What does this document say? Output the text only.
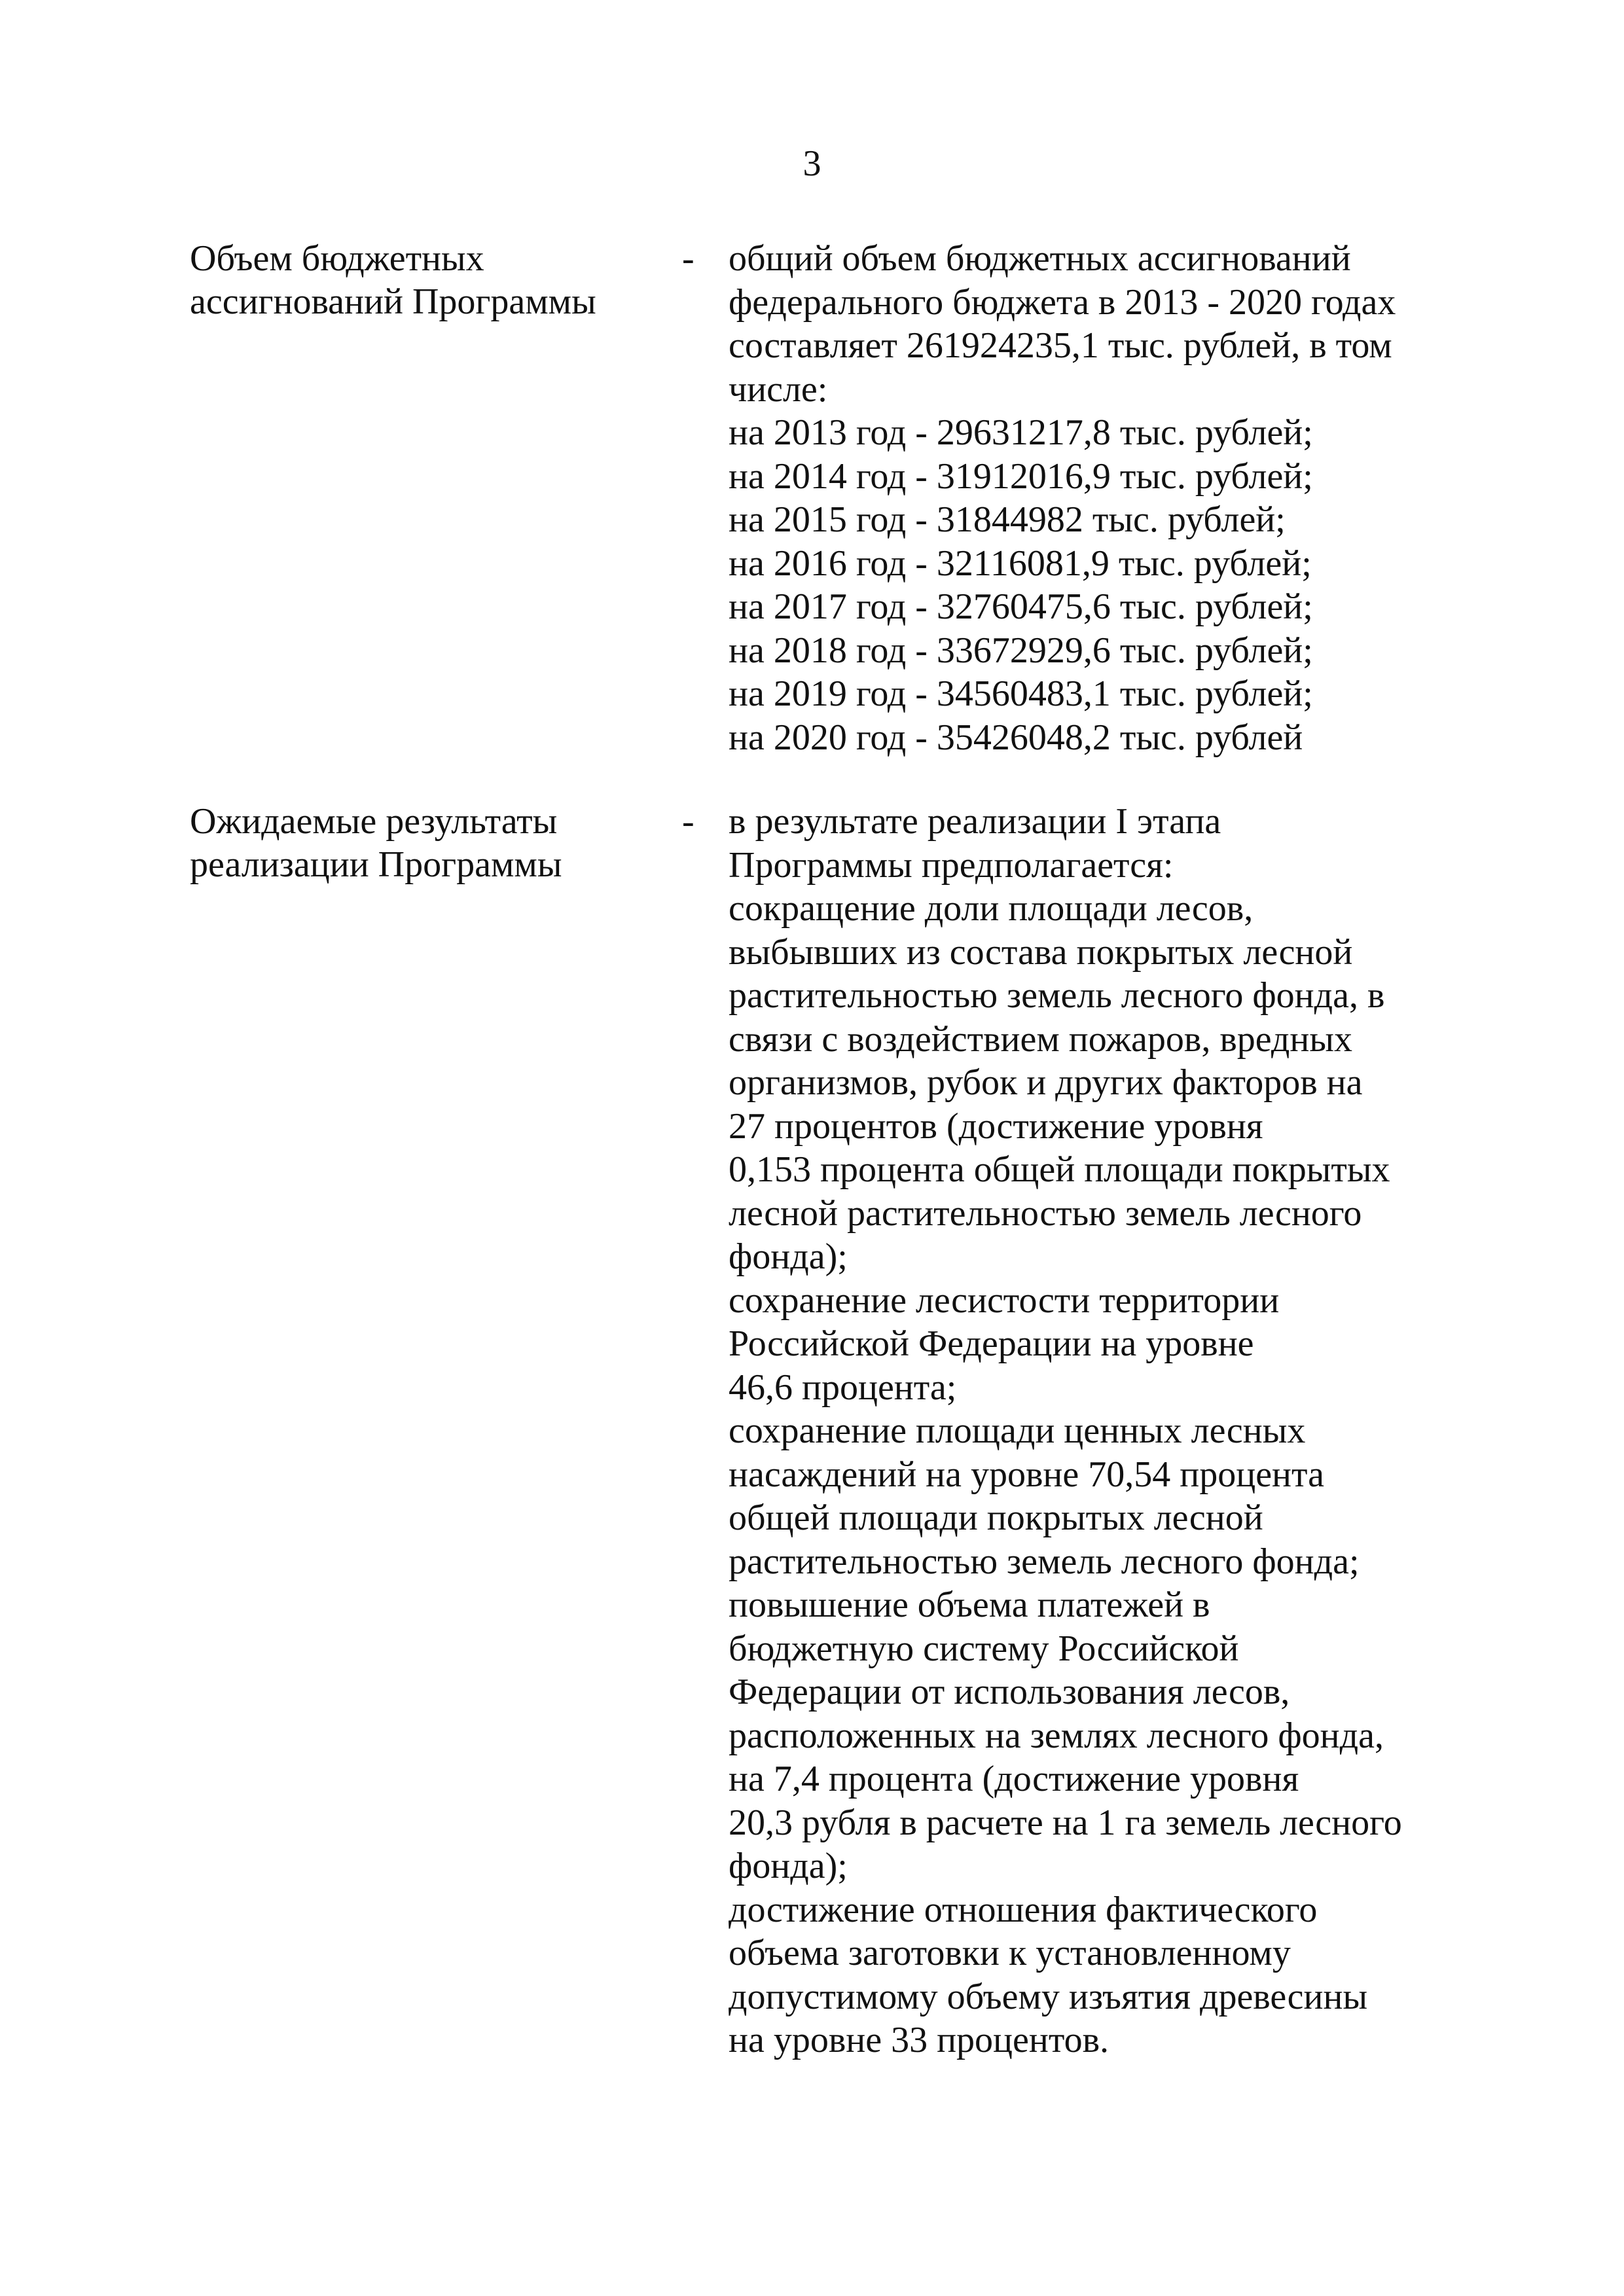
3
Объем бюджетных
ассигнований Программы
- общий объем бюджетных ассигнований
федерального бюджета в 2013 - 2020 годах
составляет 261924235,1 тыс. рублей, в том
числе:
на 2013 год - 29631217,8 тыс. рублей;
на 2014 год - 31912016,9 тыс. рублей;
на 2015 год - 31844982 тыс. рублей;
на 2016 год - 32116081,9 тыс. рублей;
на 2017 год - 32760475,6 тыс. рублей;
на 2018 год - 33672929,6 тыс. рублей;
на 2019 год - 34560483,1 тыс. рублей;
на 2020 год - 35426048,2 тыс. рублей
Ожидаемые результаты
реализации Программы
- в результате реализации I этапа
Программы предполагается:
сокращение доли площади лесов,
выбывших из состава покрытых лесной
растительностью земель лесного фонда, в
связи с воздействием пожаров, вредных
организмов, рубок и других факторов на
27 процентов (достижение уровня
0,153 процента общей площади покрытых
лесной растительностью земель лесного
фонда);
сохранение лесистости территории
Российской Федерации на уровне
46,6 процента;
сохранение площади ценных лесных
насаждений на уровне 70,54 процента
общей площади покрытых лесной
растительностью земель лесного фонда;
повышение объема платежей в
бюджетную систему Российской
Федерации от использования лесов,
расположенных на землях лесного фонда,
на 7,4 процента (достижение уровня
20,3 рубля в расчете на 1 га земель лесного
фонда);
достижение отношения фактического
объема заготовки к установленному
допустимому объему изъятия древесины
на уровне 33 процентов.
